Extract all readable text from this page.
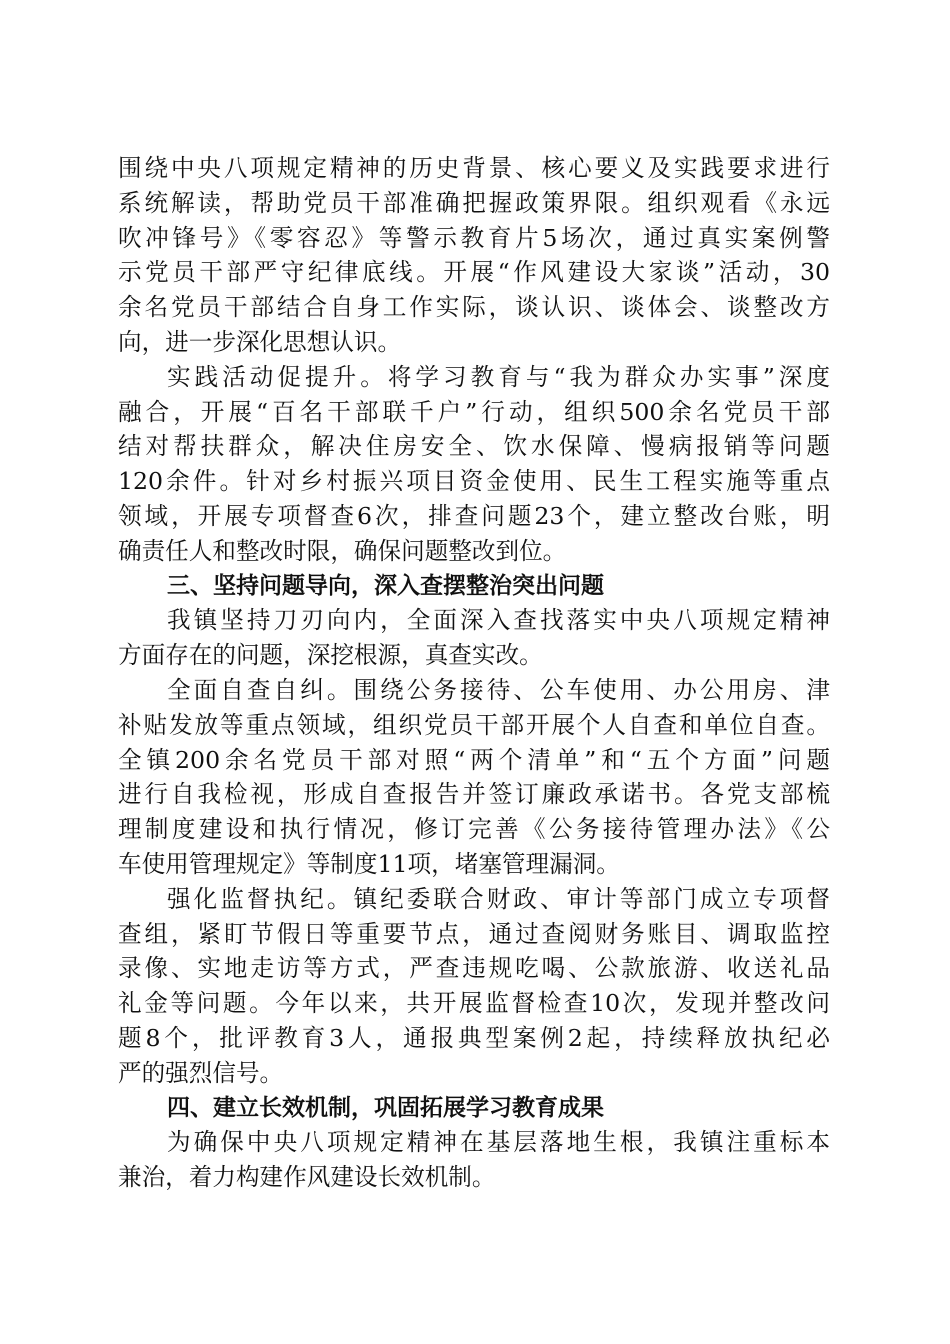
围绕中央八项规定精神的历史背景、核心要义及实践要求进行
系统解读，帮助党员干部准确把握政策界限。组织观看《永远
吹冲锋号》《零容忍》等警示教育片5场次，通过真实案例警
示党员干部严守纪律底线。开展“作风建设大家谈”活动，30
余名党员干部结合自身工作实际，谈认识、谈体会、谈整改方
向，进一步深化思想认识。
实践活动促提升。将学习教育与“我为群众办实事”深度
融合，开展“百名干部联千户”行动，组织500余名党员干部
结对帮扶群众，解决住房安全、饮水保障、慢病报销等问题
120余件。针对乡村振兴项目资金使用、民生工程实施等重点
领域，开展专项督查6次，排查问题23个，建立整改台账，明
确责任人和整改时限，确保问题整改到位。
三、坚持问题导向，深入查摆整治突出问题
我镇坚持刀刃向内，全面深入查找落实中央八项规定精神
方面存在的问题，深挖根源，真查实改。
全面自查自纠。围绕公务接待、公车使用、办公用房、津
补贴发放等重点领域，组织党员干部开展个人自查和单位自查。
全镇200余名党员干部对照“两个清单”和“五个方面”问题
进行自我检视，形成自查报告并签订廉政承诺书。各党支部梳
理制度建设和执行情况，修订完善《公务接待管理办法》《公
车使用管理规定》等制度11项，堵塞管理漏洞。
强化监督执纪。镇纪委联合财政、审计等部门成立专项督
查组，紧盯节假日等重要节点，通过查阅财务账目、调取监控
录像、实地走访等方式，严查违规吃喝、公款旅游、收送礼品
礼金等问题。今年以来，共开展监督检查10次，发现并整改问
题8个，批评教育3人，通报典型案例2起，持续释放执纪必
严的强烈信号。
四、建立长效机制，巩固拓展学习教育成果
为确保中央八项规定精神在基层落地生根，我镇注重标本
兼治，着力构建作风建设长效机制。
